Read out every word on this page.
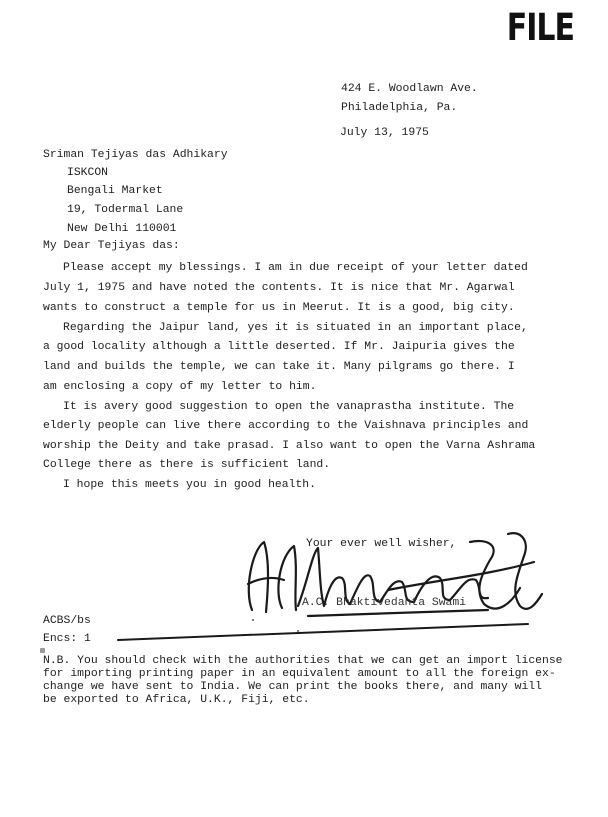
FILE
424 E. Woodlawn Ave.
Philadelphia, Pa.
July 13, 1975
Sriman Tejiyas das Adhikary
ISKCON
Bengali Market
19, Todermal Lane
New Delhi 110001
My Dear Tejiyas das:
Please accept my blessings. I am in due receipt of your letter dated
July 1, 1975 and have noted the contents. It is nice that Mr. Agarwal
wants to construct a temple for us in Meerut. It is a good, big city.
Regarding the Jaipur land, yes it is situated in an important place,
a good locality although a little deserted. If Mr. Jaipuria gives the
land and builds the temple, we can take it. Many pilgrams go there. I
am enclosing a copy of my letter to him.
It is avery good suggestion to open the vanaprastha institute. The
elderly people can live there according to the Vaishnava principles and
worship the Deity and take prasad. I also want to open the Varna Ashrama
College there as there is sufficient land.
I hope this meets you in good health.
Your ever well wisher,
A.C. Bhaktivedanta Swami
ACBS/bs
Encs: 1
N.B. You should check with the authorities that we can get an import license
for importing printing paper in an equivalent amount to all the foreign ex-
change we have sent to India. We can print the books there, and many will
be exported to Africa, U.K., Fiji, etc.
